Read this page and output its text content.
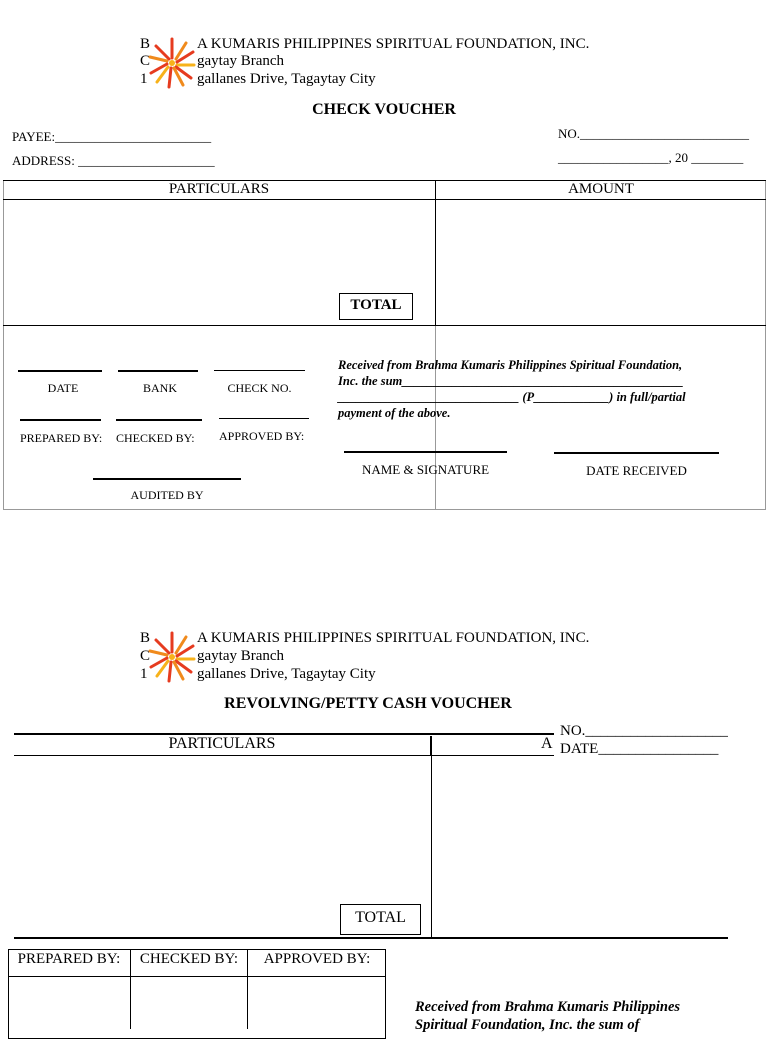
B	A KUMARIS PHILIPPINES SPIRITUAL FOUNDATION, INC.
C	gaytay Branch
1	gallanes Drive, Tagaytay City
CHECK VOUCHER
PAYEE:________________________
ADDRESS: _____________________
NO.__________________________
_________________, 20 ________
PARTICULARS	AMOUNT
TOTAL
DATE	BANK	CHECK NO.
PREPARED BY: CHECKED BY: APPROVED BY:
AUDITED BY
Received from Brahma Kumaris Philippines Spiritual Foundation,
Inc. the sum_____________________________________________
_____________________________ (P____________) in full/partial
payment of the above.
NAME & SIGNATURE	DATE RECEIVED
B	A KUMARIS PHILIPPINES SPIRITUAL FOUNDATION, INC.
C	gaytay Branch
1	gallanes Drive, Tagaytay City
REVOLVING/PETTY CASH VOUCHER
PARTICULARS	A
NO.___________________
DATE________________
TOTAL
PREPARED BY:	CHECKED BY:	APPROVED BY:
Received from Brahma Kumaris Philippines
Spiritual Foundation, Inc. the sum of
